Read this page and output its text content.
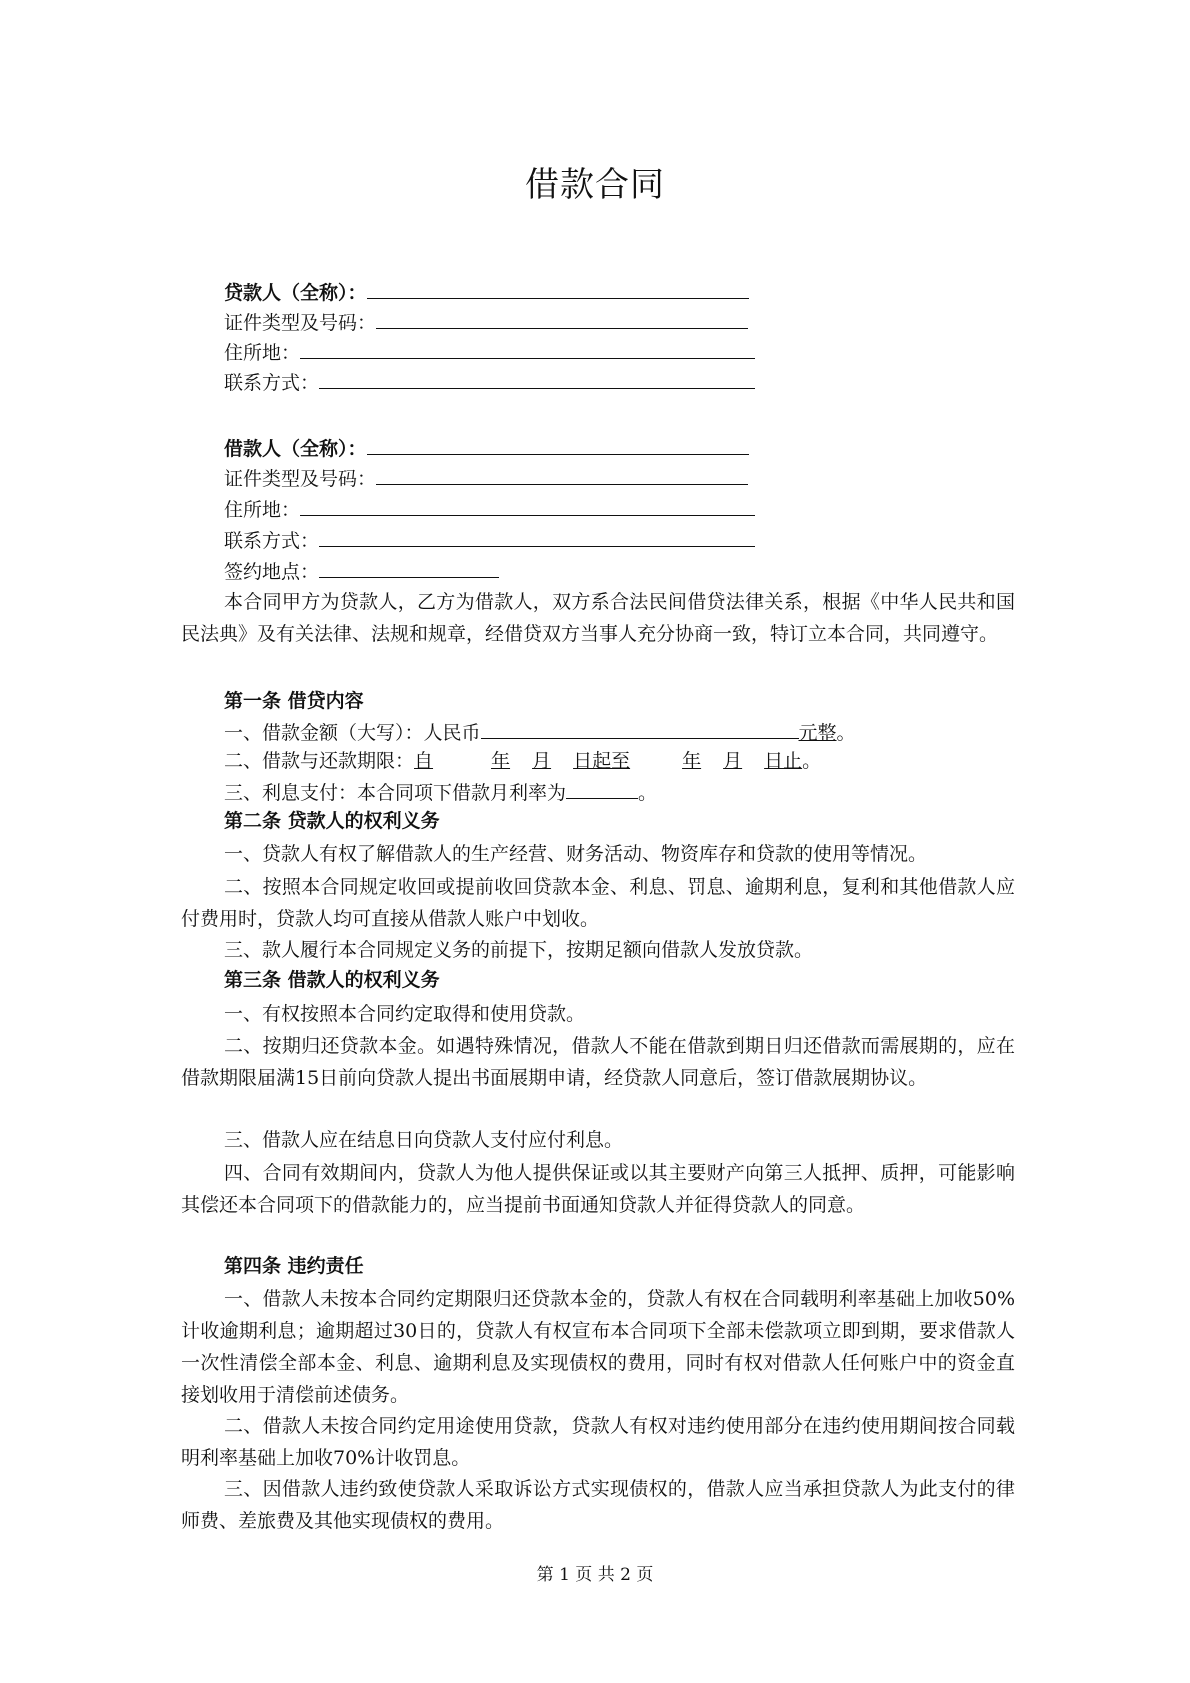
借款合同
贷款人（全称）：
证件类型及号码：
住所地：
联系方式：
借款人（全称）：
证件类型及号码：
住所地：
联系方式：
签约地点：
本合同甲方为贷款人，乙方为借款人，双方系合法民间借贷法律关系，根据《中华人民共和国民法典》及有关法律、法规和规章，经借贷双方当事人充分协商一致，特订立本合同，共同遵守。
第一条 借贷内容
一、借款金额（大写）：人民币	元整。
二、借款与还款期限：自	年 月 日起至	年 月 日止。
三、利息支付：本合同项下借款月利率为	。
第二条 贷款人的权利义务
一、贷款人有权了解借款人的生产经营、财务活动、物资库存和贷款的使用等情况。
二、按照本合同规定收回或提前收回贷款本金、利息、罚息、逾期利息，复利和其他借款人应付费用时，贷款人均可直接从借款人账户中划收。
三、款人履行本合同规定义务的前提下，按期足额向借款人发放贷款。
第三条 借款人的权利义务
一、有权按照本合同约定取得和使用贷款。
二、按期归还贷款本金。如遇特殊情况，借款人不能在借款到期日归还借款而需展期的，应在借款期限届满15日前向贷款人提出书面展期申请，经贷款人同意后，签订借款展期协议。
三、借款人应在结息日向贷款人支付应付利息。
四、合同有效期间内，贷款人为他人提供保证或以其主要财产向第三人抵押、质押，可能影响其偿还本合同项下的借款能力的，应当提前书面通知贷款人并征得贷款人的同意。
第四条 违约责任
一、借款人未按本合同约定期限归还贷款本金的，贷款人有权在合同载明利率基础上加收50%计收逾期利息；逾期超过30日的，贷款人有权宣布本合同项下全部未偿款项立即到期，要求借款人一次性清偿全部本金、利息、逾期利息及实现债权的费用，同时有权对借款人任何账户中的资金直接划收用于清偿前述债务。
二、借款人未按合同约定用途使用贷款，贷款人有权对违约使用部分在违约使用期间按合同载明利率基础上加收70%计收罚息。
三、因借款人违约致使贷款人采取诉讼方式实现债权的，借款人应当承担贷款人为此支付的律师费、差旅费及其他实现债权的费用。
第 1 页 共 2 页
